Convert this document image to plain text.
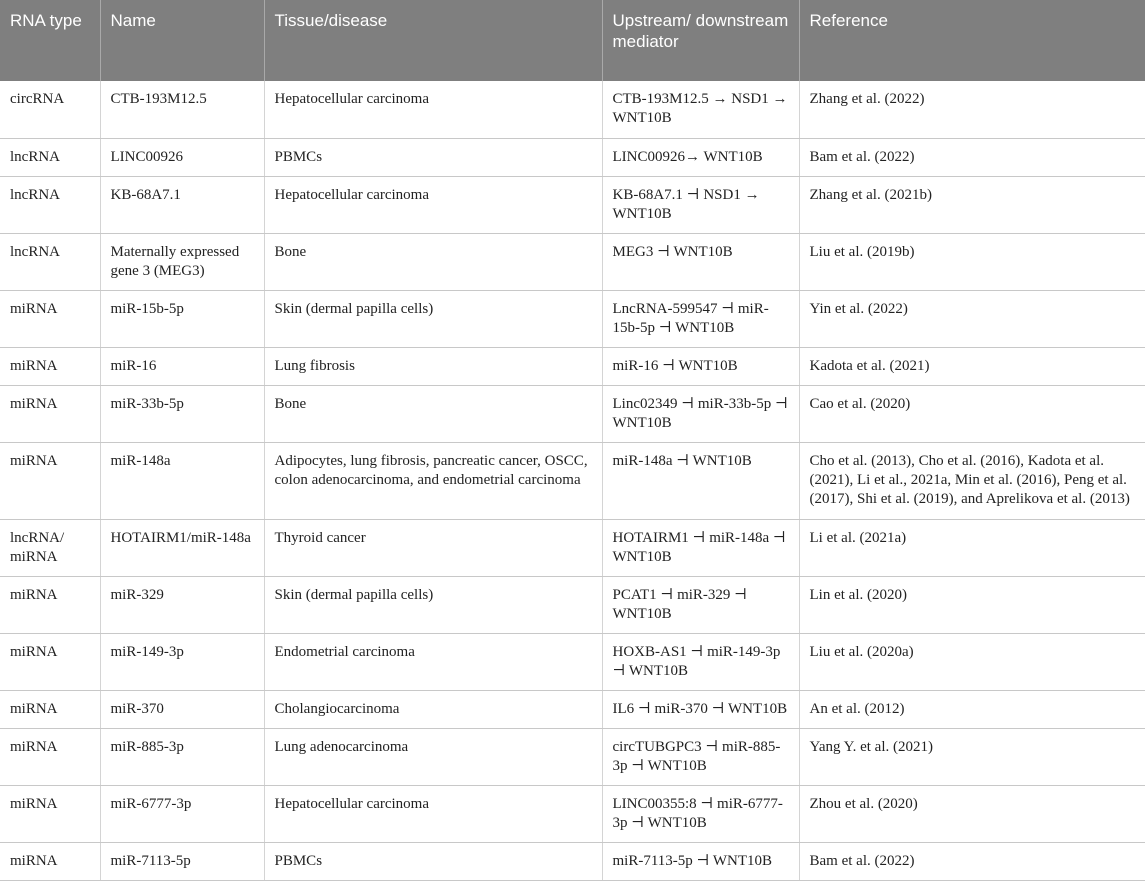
RNA type	Name	Tissue/disease	Upstream/ downstream mediator	Reference
circRNA	CTB-193M12.5	Hepatocellular carcinoma	CTB-193M12.5 → NSD1 → WNT10B	Zhang et al. (2022)
lncRNA	LINC00926	PBMCs	LINC00926→ WNT10B	Bam et al. (2022)
lncRNA	KB-68A7.1	Hepatocellular carcinoma	KB-68A7.1 ⊣ NSD1 → WNT10B	Zhang et al. (2021b)
lncRNA	Maternally expressed gene 3 (MEG3)	Bone	MEG3 ⊣ WNT10B	Liu et al. (2019b)
miRNA	miR-15b-5p	Skin (dermal papilla cells)	LncRNA-599547 ⊣ miR-15b-5p ⊣ WNT10B	Yin et al. (2022)
miRNA	miR-16	Lung fibrosis	miR-16 ⊣ WNT10B	Kadota et al. (2021)
miRNA	miR-33b-5p	Bone	Linc02349 ⊣ miR-33b-5p ⊣ WNT10B	Cao et al. (2020)
miRNA	miR-148a	Adipocytes, lung fibrosis, pancreatic cancer, OSCC, colon adenocarcinoma, and endometrial carcinoma	miR-148a ⊣ WNT10B	Cho et al. (2013), Cho et al. (2016), Kadota et al. (2021), Li et al., 2021a, Min et al. (2016), Peng et al. (2017), Shi et al. (2019), and Aprelikova et al. (2013)
lncRNA/ miRNA	HOTAIRM1/miR-148a	Thyroid cancer	HOTAIRM1 ⊣ miR-148a ⊣ WNT10B	Li et al. (2021a)
miRNA	miR-329	Skin (dermal papilla cells)	PCAT1 ⊣ miR-329 ⊣ WNT10B	Lin et al. (2020)
miRNA	miR-149-3p	Endometrial carcinoma	HOXB-AS1 ⊣ miR-149-3p ⊣ WNT10B	Liu et al. (2020a)
miRNA	miR-370	Cholangiocarcinoma	IL6 ⊣ miR-370 ⊣ WNT10B	An et al. (2012)
miRNA	miR-885-3p	Lung adenocarcinoma	circTUBGPC3 ⊣ miR-885-3p ⊣ WNT10B	Yang Y. et al. (2021)
miRNA	miR-6777-3p	Hepatocellular carcinoma	LINC00355:8 ⊣ miR-6777-3p ⊣ WNT10B	Zhou et al. (2020)
miRNA	miR-7113-5p	PBMCs	miR-7113-5p ⊣ WNT10B	Bam et al. (2022)
